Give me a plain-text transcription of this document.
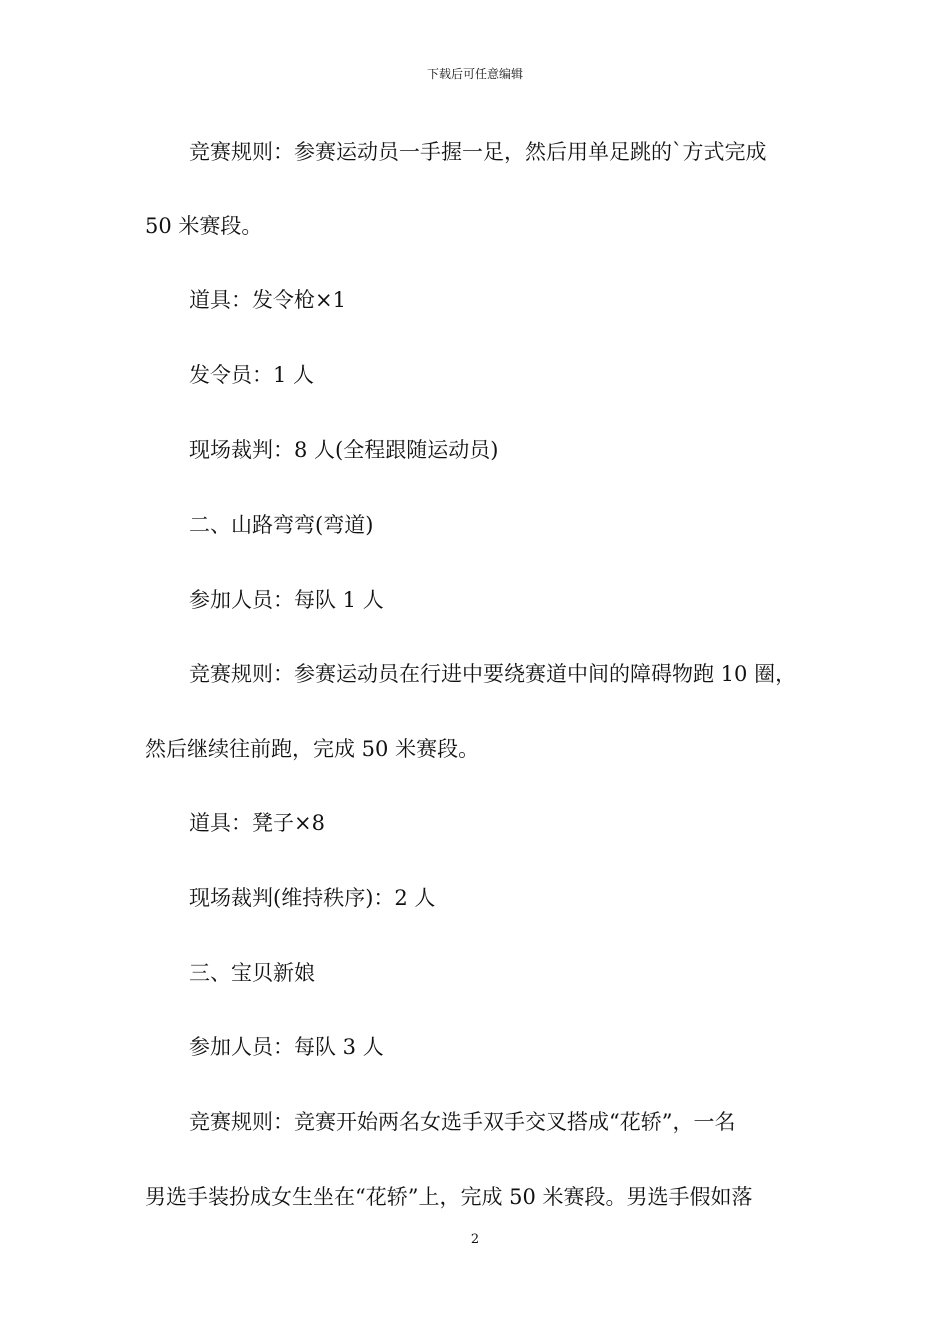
下载后可任意编辑
竞赛规则：参赛运动员一手握一足，然后用单足跳的`方式完成
50 米赛段。
道具：发令枪×1
发令员：1 人
现场裁判：8 人(全程跟随运动员)
二、山路弯弯(弯道)
参加人员：每队 1 人
竞赛规则：参赛运动员在行进中要绕赛道中间的障碍物跑 10 圈，
然后继续往前跑，完成 50 米赛段。
道具：凳子×8
现场裁判(维持秩序)：2 人
三、宝贝新娘
参加人员：每队 3 人
竞赛规则：竞赛开始两名女选手双手交叉搭成“花轿”，一名
男选手装扮成女生坐在“花轿”上，完成 50 米赛段。男选手假如落
2
